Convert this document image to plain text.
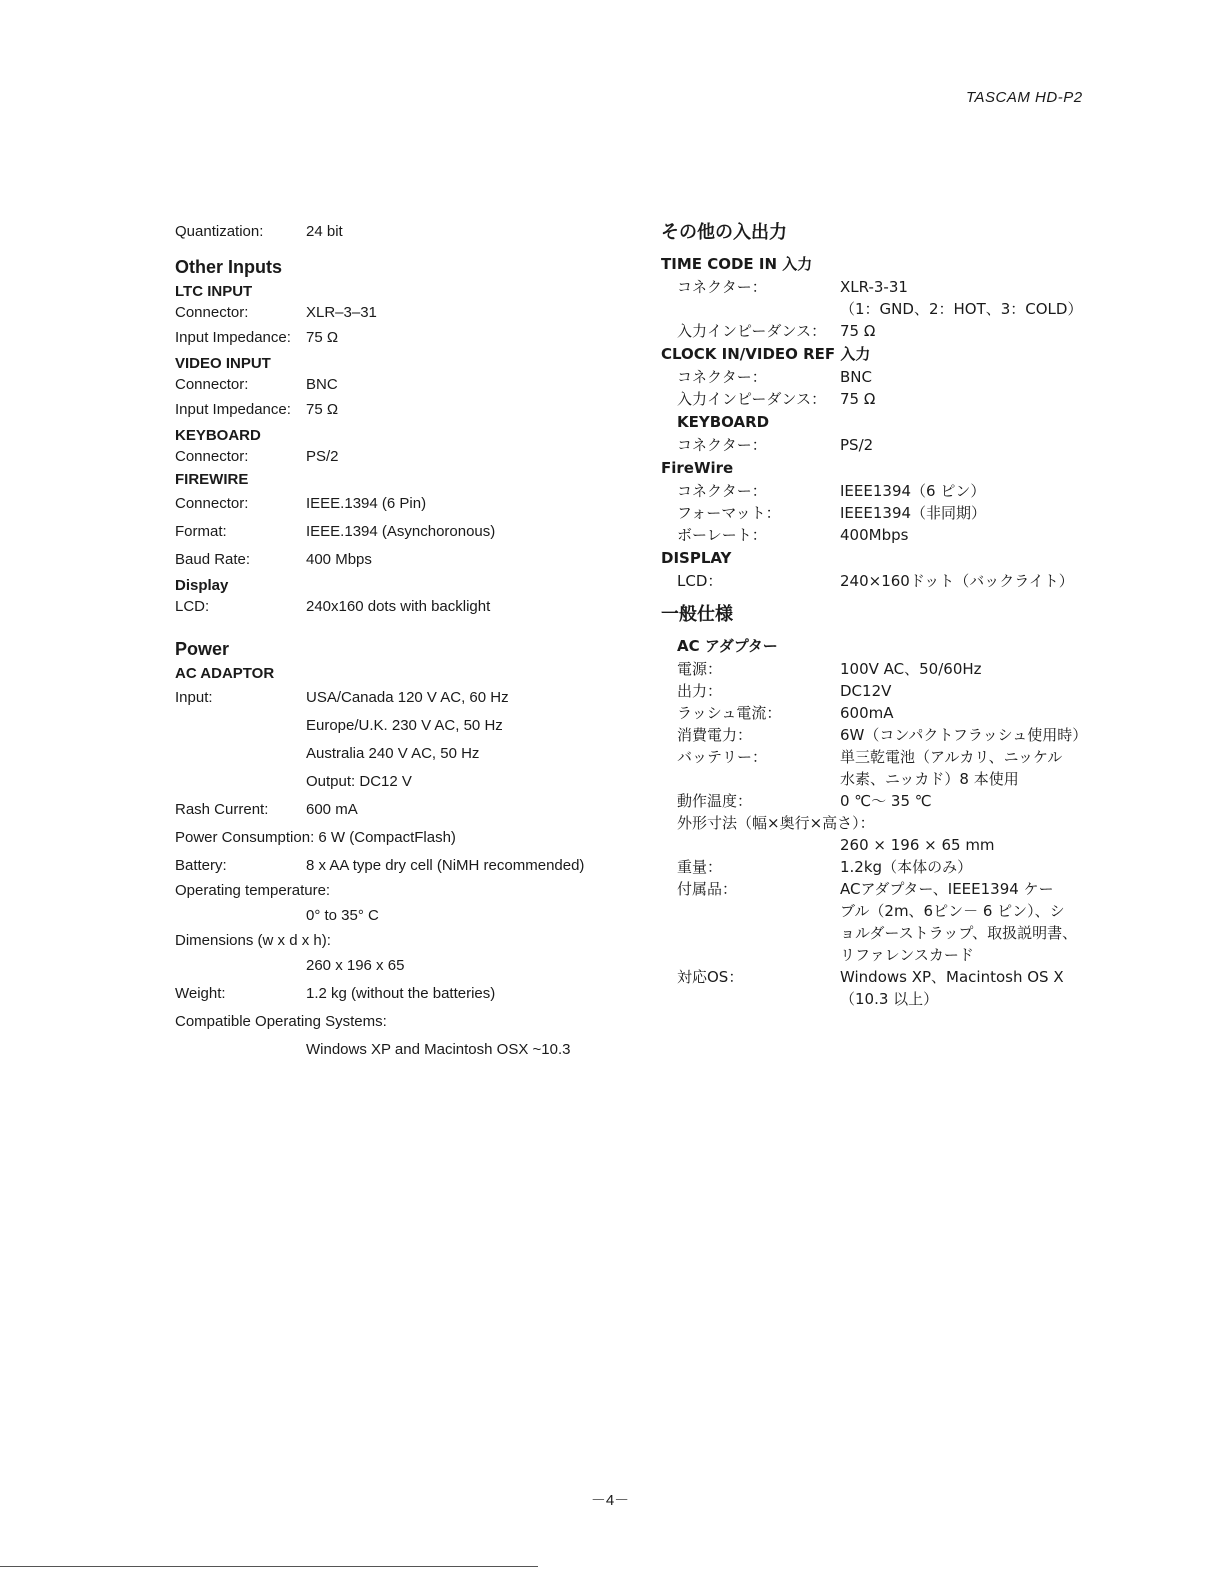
TASCAM HD-P2
Quantization:	24 bit
Other Inputs
LTC INPUT
Connector:	XLR–3–31
Input Impedance: 75 Ω
VIDEO INPUT
Connector:	BNC
Input Impedance: 75 Ω
KEYBOARD
Connector:	PS/2
FIREWIRE
Connector:	IEEE.1394 (6 Pin)
Format:	IEEE.1394 (Asynchoronous)
Baud Rate:	400 Mbps
Display
LCD:	240x160 dots with backlight
Power
AC ADAPTOR
Input:	USA/Canada 120 V AC, 60 Hz
Europe/U.K. 230 V AC, 50 Hz
Australia 240 V AC, 50 Hz
Output: DC12 V
Rash Current:	600 mA
Power Consumption: 6 W (CompactFlash)
Battery:	8 x AA type dry cell (NiMH recommended)
Operating temperature:
0° to 35° C
Dimensions (w x d x h):
260 x 196 x 65
Weight:	1.2 kg (without the batteries)
Compatible Operating Systems:
Windows XP and Macintosh OSX ~10.3
その他の入出力
TIME CODE IN 入力
コネクター：	XLR-3-31
（1：GND、2：HOT、3：COLD）
入力インピーダンス： 75 Ω
CLOCK IN/VIDEO REF 入力
コネクター：	BNC
入力インピーダンス： 75 Ω
KEYBOARD
コネクター：	PS/2
FireWire
コネクター：	IEEE1394（6 ピン）
フォーマット：	IEEE1394（非同期）
ボーレート：	400Mbps
DISPLAY
LCD：	240×160ドット（バックライト）
一般仕様
AC アダプター
電源：	100V AC、50/60Hz
出力：	DC12V
ラッシュ電流：	600mA
消費電力：	6W（コンパクトフラッシュ使用時）
バッテリー：	単三乾電池（アルカリ、ニッケル
水素、ニッカド）8 本使用
動作温度：	0 ℃～ 35 ℃
外形寸法（幅×奥行×高さ）：
260 × 196 × 65 mm
重量：	1.2kg（本体のみ）
付属品：	ACアダプター、IEEE1394 ケー
ブル（2m、6ピン－ 6 ピン）、シ
ョルダーストラップ、取扱説明書、
リファレンスカード
対応OS：	Windows XP、Macintosh OS X
（10.3 以上）
－4－
